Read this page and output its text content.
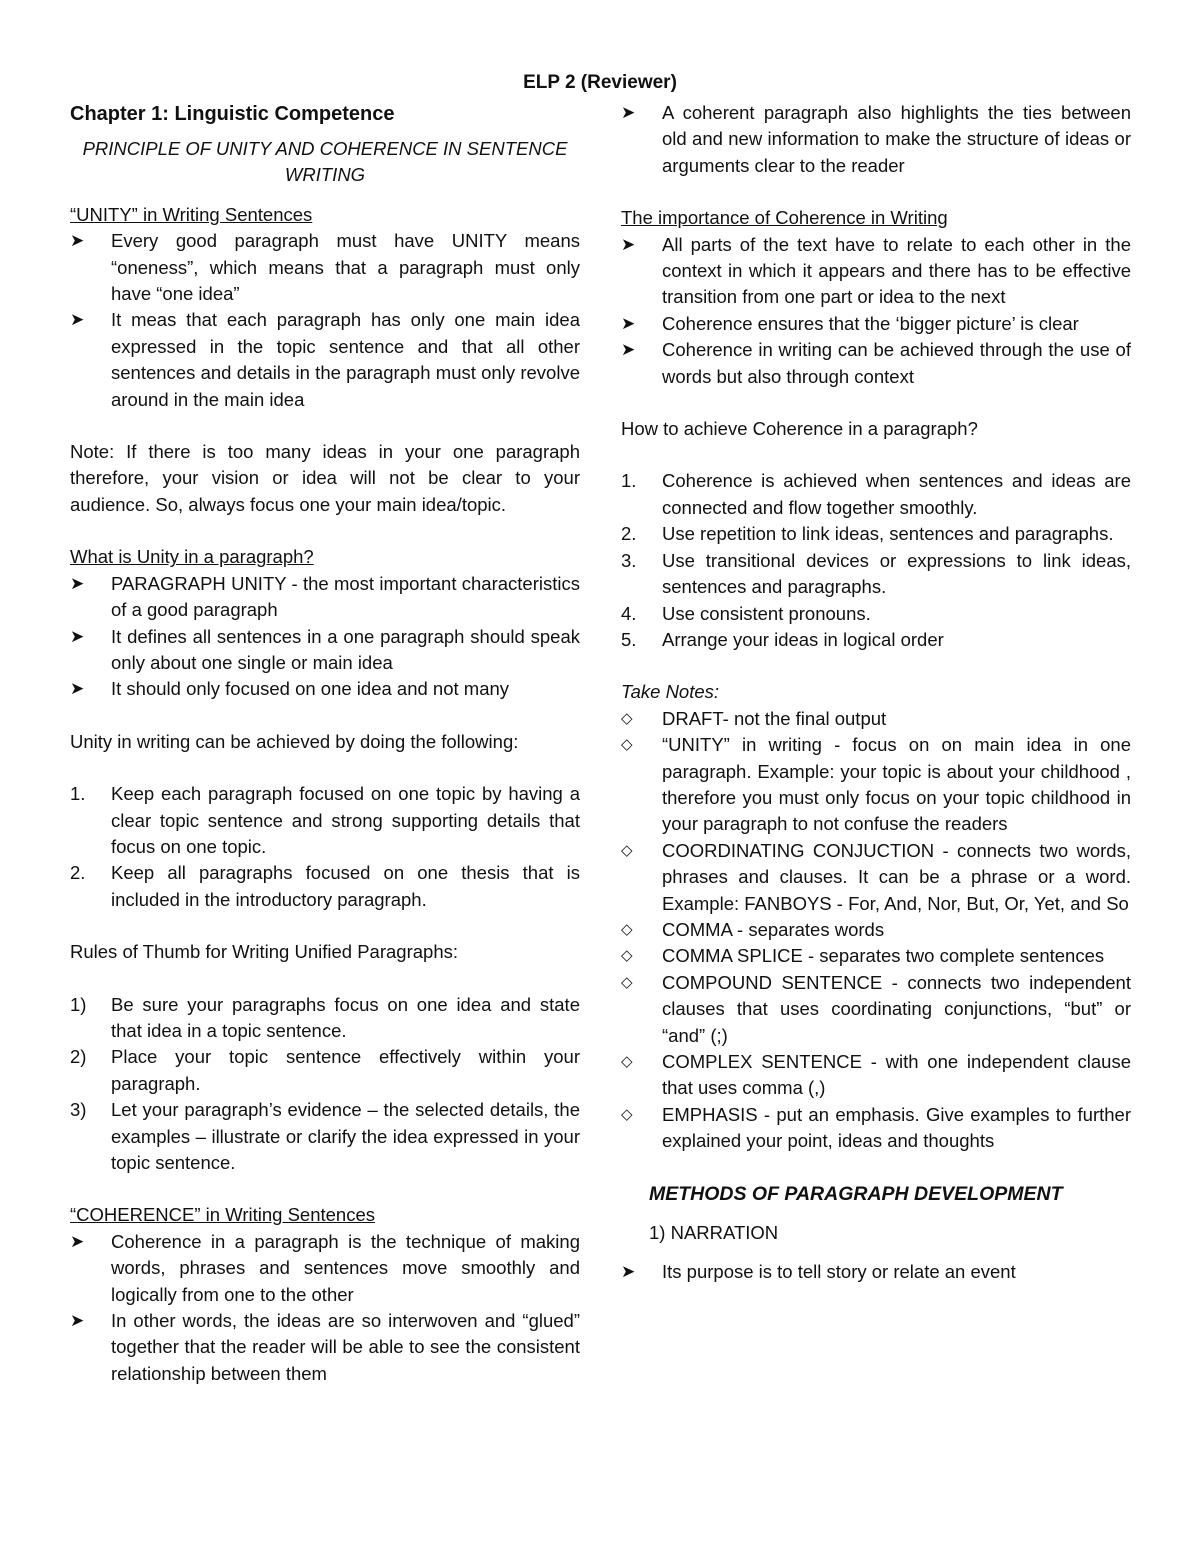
ELP 2 (Reviewer)

Chapter 1: Linguistic Competence

PRINCIPLE OF UNITY AND COHERENCE IN SENTENCE WRITING

“UNITY” in Writing Sentences

➤	Every good paragraph must have UNITY means “oneness”, which means that a paragraph must only have “one idea”
➤	It meas that each paragraph has only one main idea expressed in the topic sentence and that all other sentences and details in the paragraph must only revolve around in the main idea

Note: If there is too many ideas in your one paragraph therefore, your vision or idea will not be clear to your audience. So, always focus one your main idea/topic.

What is Unity in a paragraph?

➤	PARAGRAPH UNITY - the most important characteristics of a good paragraph
➤	It defines all sentences in a one paragraph should speak only about one single or main idea
➤	It should only focused on one idea and not many

Unity in writing can be achieved by doing the following:

1.	Keep each paragraph focused on one topic by having a clear topic sentence and strong supporting details that focus on one topic.
2.	Keep all paragraphs focused on one thesis that is included in the introductory paragraph.

Rules of Thumb for Writing Unified Paragraphs:

1)	Be sure your paragraphs focus on one idea and state that idea in a topic sentence.
2)	Place your topic sentence effectively within your paragraph.
3)	Let your paragraph’s evidence – the selected details, the examples – illustrate or clarify the idea expressed in your topic sentence.

“COHERENCE” in Writing Sentences

➤	Coherence in a paragraph is the technique of making words, phrases and sentences move smoothly and logically from one to the other
➤	In other words, the ideas are so interwoven and “glued” together that the reader will be able to see the consistent relationship between them
➤	A coherent paragraph also highlights the ties between old and new information to make the structure of ideas or arguments clear to the reader

The importance of Coherence in Writing

➤	All parts of the text have to relate to each other in the context in which it appears and there has to be effective transition from one part or idea to the next
➤	Coherence ensures that the ‘bigger picture’ is clear
➤	Coherence in writing can be achieved through the use of words but also through context

How to achieve Coherence in a paragraph?

1.	Coherence is achieved when sentences and ideas are connected and flow together smoothly.
2.	Use repetition to link ideas, sentences and paragraphs.
3.	Use transitional devices or expressions to link ideas, sentences and paragraphs.
4.	Use consistent pronouns.
5.	Arrange your ideas in logical order

Take Notes:

◇	DRAFT- not the final output
◇	“UNITY” in writing - focus on on main idea in one paragraph. Example: your topic is about your childhood , therefore you must only focus on your topic childhood in your paragraph to not confuse the readers
◇	COORDINATING CONJUCTION - connects two words, phrases and clauses. It can be a phrase or a word. Example: FANBOYS - For, And, Nor, But, Or, Yet, and So
◇	COMMA - separates words
◇	COMMA SPLICE - separates two complete sentences
◇	COMPOUND SENTENCE - connects two independent clauses that uses coordinating conjunctions, “but” or “and” (;)
◇	COMPLEX SENTENCE - with one independent clause that uses comma (,)
◇	EMPHASIS - put an emphasis. Give examples to further explained your point, ideas and thoughts

METHODS OF PARAGRAPH DEVELOPMENT

1) NARRATION

➤	Its purpose is to tell story or relate an event
